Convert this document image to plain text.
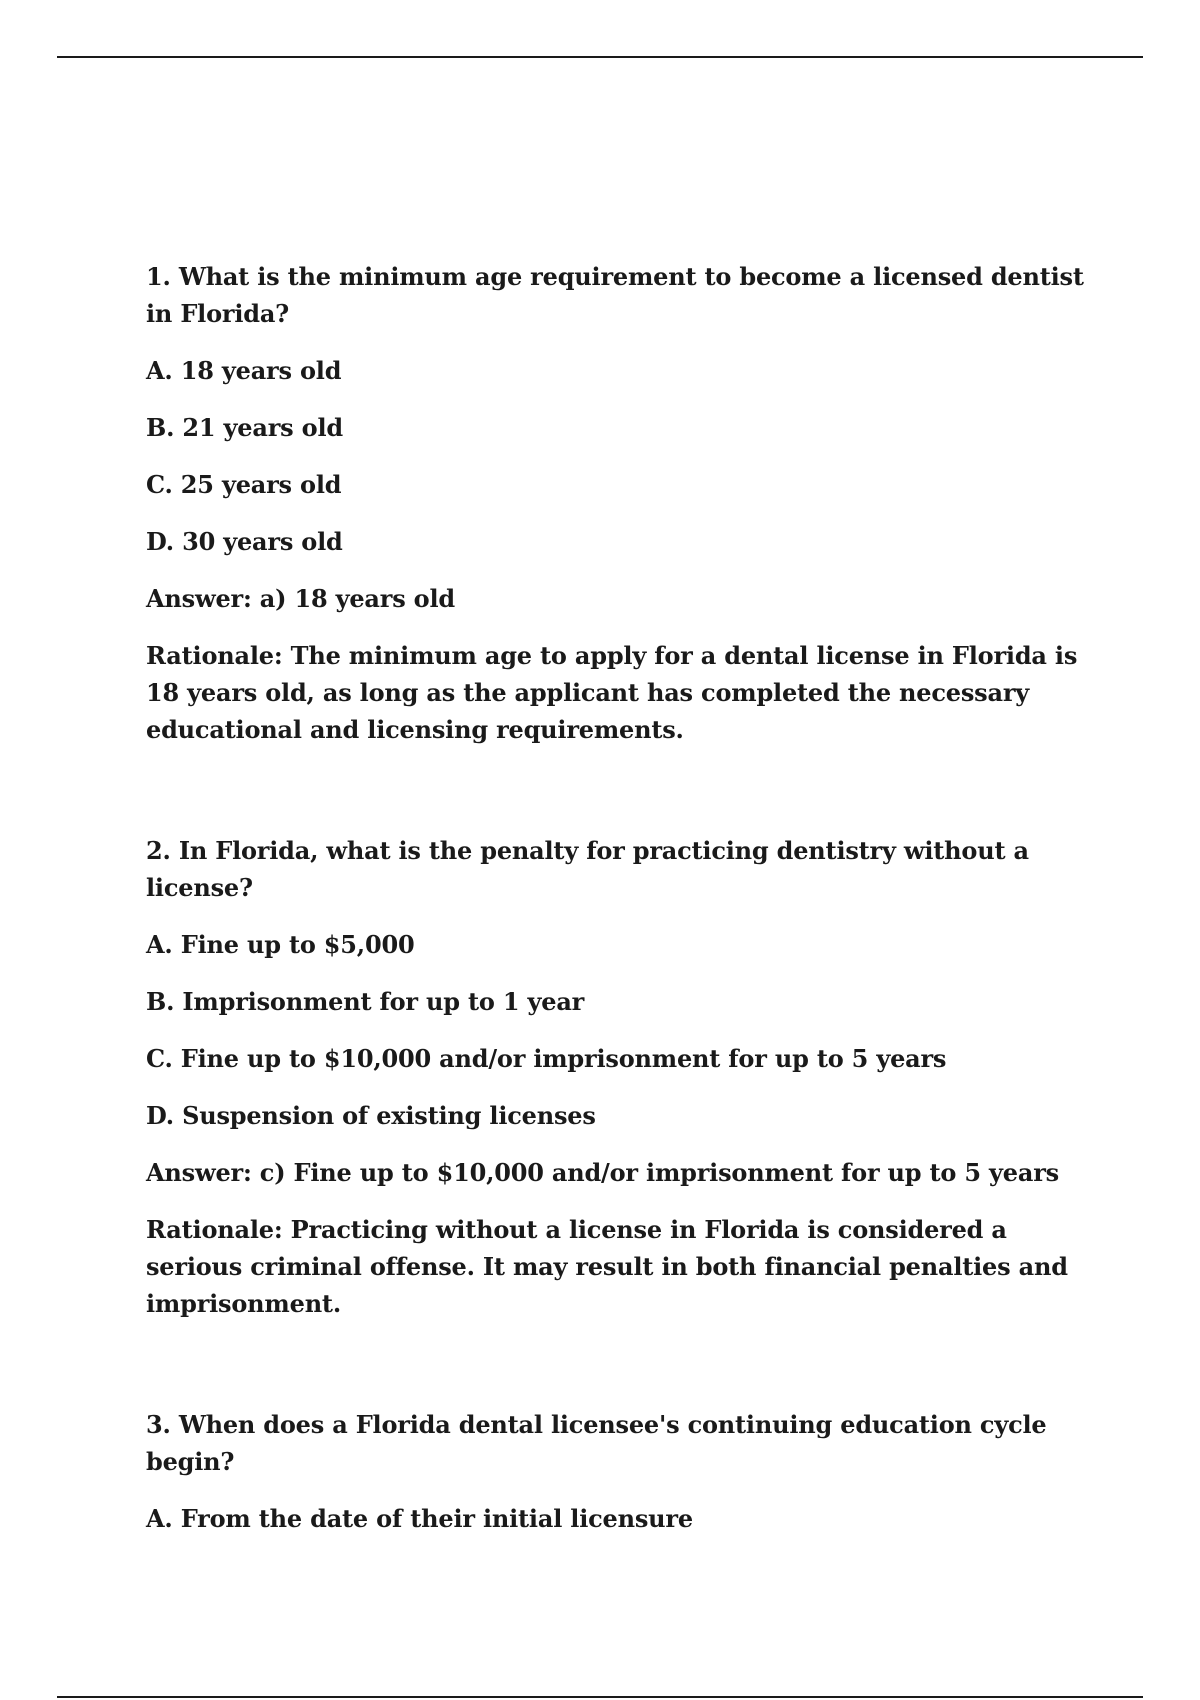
1. What is the minimum age requirement to become a licensed dentist in Florida?

A. 18 years old

B. 21 years old

C. 25 years old

D. 30 years old

Answer: a) 18 years old

Rationale: The minimum age to apply for a dental license in Florida is 18 years old, as long as the applicant has completed the necessary educational and licensing requirements.

2. In Florida, what is the penalty for practicing dentistry without a license?

A. Fine up to $5,000

B. Imprisonment for up to 1 year

C. Fine up to $10,000 and/or imprisonment for up to 5 years

D. Suspension of existing licenses

Answer: c) Fine up to $10,000 and/or imprisonment for up to 5 years

Rationale: Practicing without a license in Florida is considered a serious criminal offense. It may result in both financial penalties and imprisonment.

3. When does a Florida dental licensee's continuing education cycle begin?

A. From the date of their initial licensure
